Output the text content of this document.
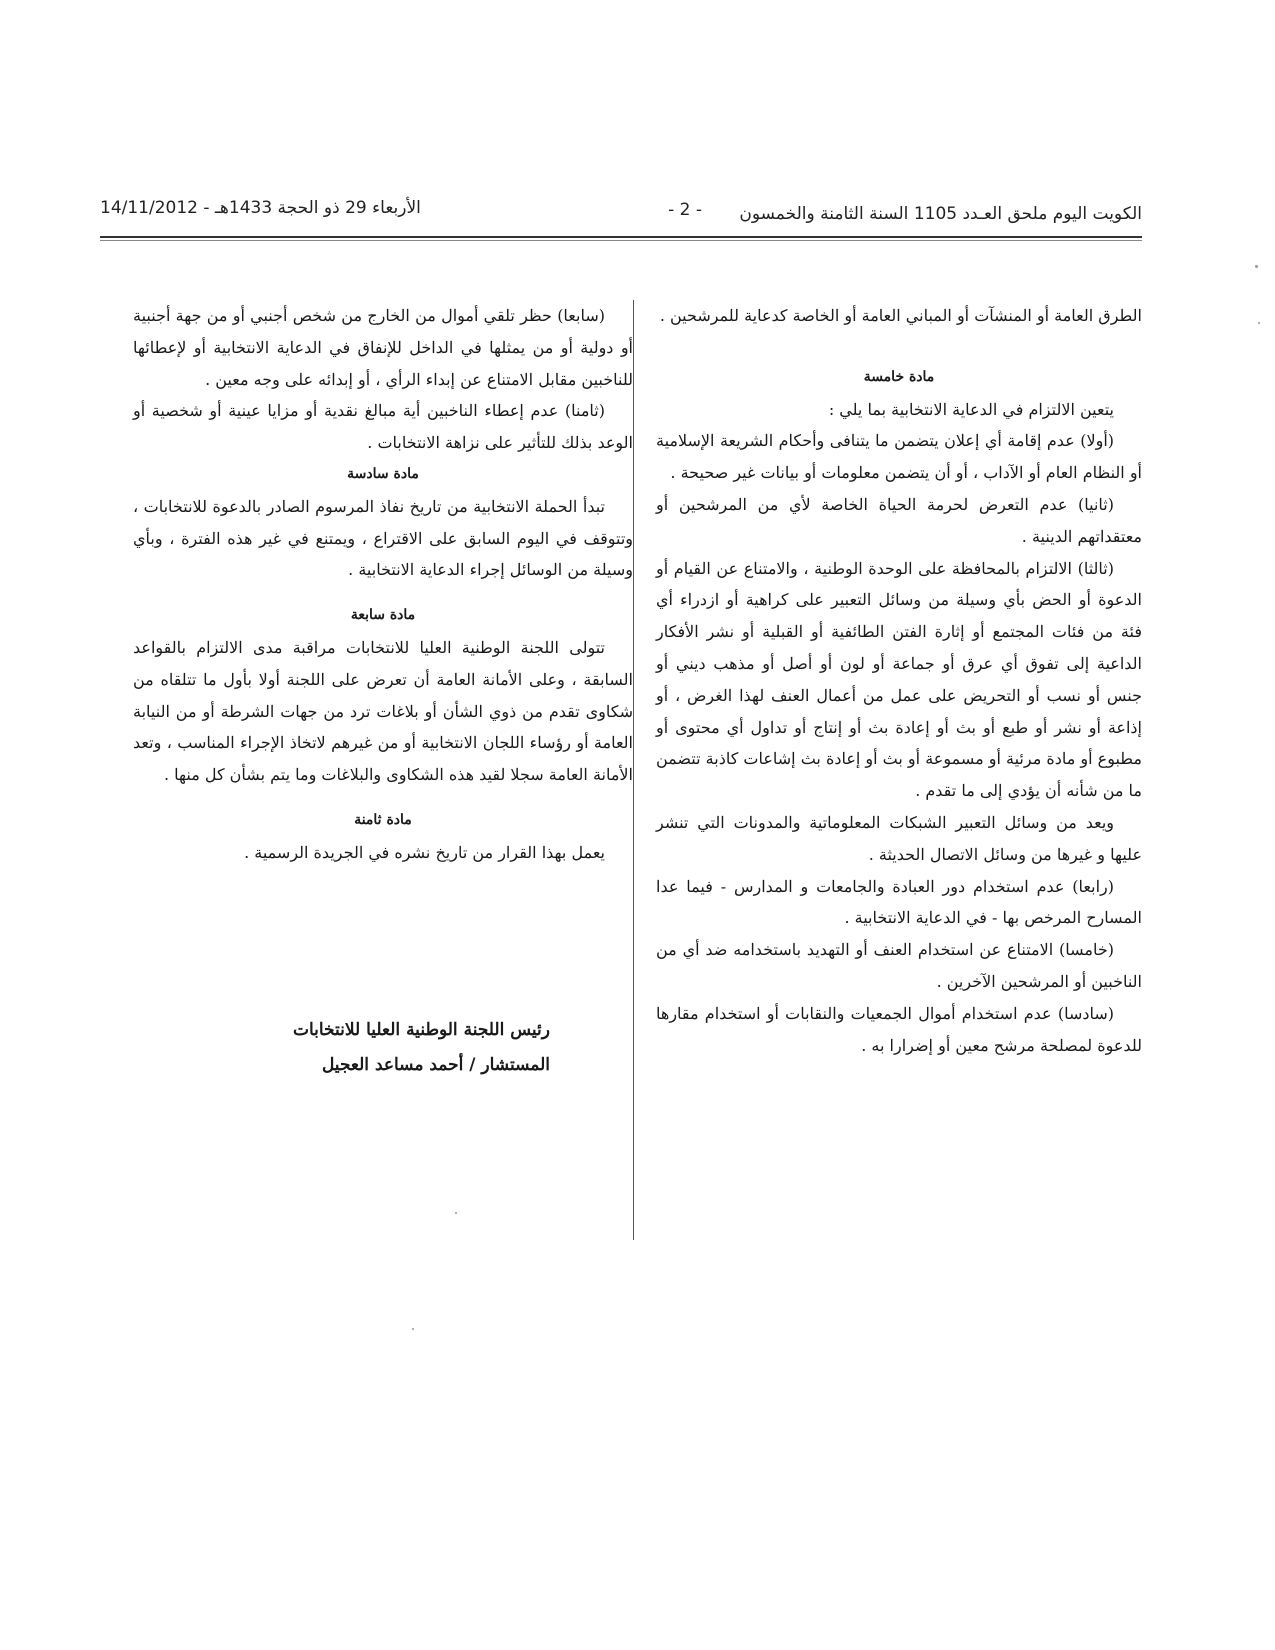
الكويت اليوم ملحق العـدد 1105 السنة الثامنة والخمسون
- 2 -
الأربعاء 29 ذو الحجة 1433هـ - 14/11/2012

الطرق العامة أو المنشآت أو المباني العامة أو الخاصة كدعاية للمرشحين .

مادة خامسة

يتعين الالتزام في الدعاية الانتخابية بما يلي :

(أولا) عدم إقامة أي إعلان يتضمن ما يتنافى وأحكام الشريعة الإسلامية أو النظام العام أو الآداب ، أو أن يتضمن معلومات أو بيانات غير صحيحة .

(ثانيا) عدم التعرض لحرمة الحياة الخاصة لأي من المرشحين أو معتقداتهم الدينية .

(ثالثا) الالتزام بالمحافظة على الوحدة الوطنية ، والامتناع عن القيام أو الدعوة أو الحض بأي وسيلة من وسائل التعبير على كراهية أو ازدراء أي فئة من فئات المجتمع أو إثارة الفتن الطائفية أو القبلية أو نشر الأفكار الداعية إلى تفوق أي عرق أو جماعة أو لون أو أصل أو مذهب ديني أو جنس أو نسب أو التحريض على عمل من أعمال العنف لهذا الغرض ، أو إذاعة أو نشر أو طبع أو بث أو إعادة بث أو إنتاج أو تداول أي محتوى أو مطبوع أو مادة مرئية أو مسموعة أو بث أو إعادة بث إشاعات كاذبة تتضمن ما من شأنه أن يؤدي إلى ما تقدم .

ويعد من وسائل التعبير الشبكات المعلوماتية والمدونات التي تنشر عليها و غيرها من وسائل الاتصال الحديثة .

(رابعا) عدم استخدام دور العبادة والجامعات و المدارس - فيما عدا المسارح المرخص بها - في الدعاية الانتخابية .

(خامسا) الامتناع عن استخدام العنف أو التهديد باستخدامه ضد أي من الناخبين أو المرشحين الآخرين .

(سادسا) عدم استخدام أموال الجمعيات والنقابات أو استخدام مقارها للدعوة لمصلحة مرشح معين أو إضرارا به .

(سابعا) حظر تلقي أموال من الخارج من شخص أجنبي أو من جهة أجنبية أو دولية أو من يمثلها في الداخل للإنفاق في الدعاية الانتخابية أو لإعطائها للناخبين مقابل الامتناع عن إبداء الرأي ، أو إبدائه على وجه معين .

(ثامنا) عدم إعطاء الناخبين أية مبالغ نقدية أو مزايا عينية أو شخصية أو الوعد بذلك للتأثير على نزاهة الانتخابات .

مادة سادسة

تبدأ الحملة الانتخابية من تاريخ نفاذ المرسوم الصادر بالدعوة للانتخابات ، وتتوقف في اليوم السابق على الاقتراع ، ويمتنع في غير هذه الفترة ، وبأي وسيلة من الوسائل إجراء الدعاية الانتخابية .

مادة سابعة

تتولى اللجنة الوطنية العليا للانتخابات مراقبة مدى الالتزام بالقواعد السابقة ، وعلى الأمانة العامة أن تعرض على اللجنة أولا بأول ما تتلقاه من شكاوى تقدم من ذوي الشأن أو بلاغات ترد من جهات الشرطة أو من النيابة العامة أو رؤساء اللجان الانتخابية أو من غيرهم لاتخاذ الإجراء المناسب ، وتعد الأمانة العامة سجلا لقيد هذه الشكاوى والبلاغات وما يتم بشأن كل منها .

مادة ثامنة

يعمل بهذا القرار من تاريخ نشره في الجريدة الرسمية .

رئيس اللجنة الوطنية العليا للانتخابات
المستشار / أحمد مساعد العجيل
